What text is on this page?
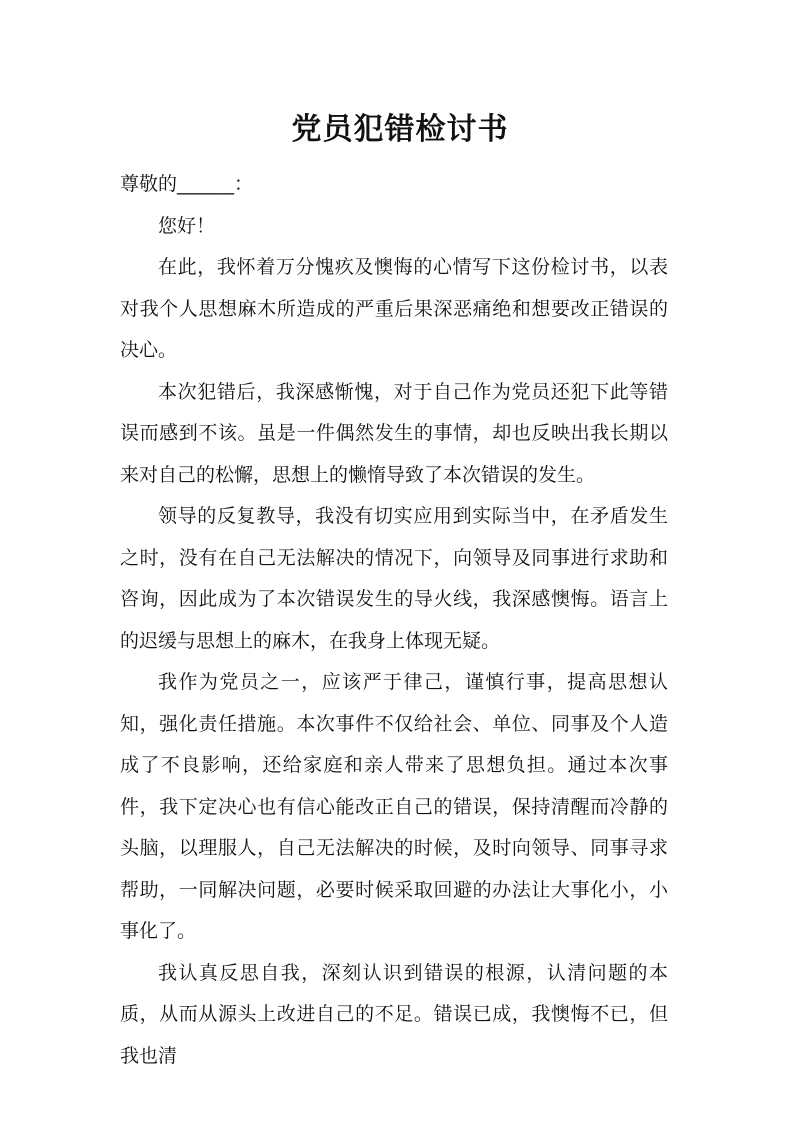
党员犯错检讨书

尊敬的______：

您好！

在此，我怀着万分愧疚及懊悔的心情写下这份检讨书，以表对我个人思想麻木所造成的严重后果深恶痛绝和想要改正错误的决心。

本次犯错后，我深感惭愧，对于自己作为党员还犯下此等错误而感到不该。虽是一件偶然发生的事情，却也反映出我长期以来对自己的松懈，思想上的懒惰导致了本次错误的发生。

领导的反复教导，我没有切实应用到实际当中，在矛盾发生之时，没有在自己无法解决的情况下，向领导及同事进行求助和咨询，因此成为了本次错误发生的导火线，我深感懊悔。语言上的迟缓与思想上的麻木，在我身上体现无疑。

我作为党员之一，应该严于律己，谨慎行事，提高思想认知，强化责任措施。本次事件不仅给社会、单位、同事及个人造成了不良影响，还给家庭和亲人带来了思想负担。通过本次事件，我下定决心也有信心能改正自己的错误，保持清醒而冷静的头脑，以理服人，自己无法解决的时候，及时向领导、同事寻求帮助，一同解决问题，必要时候采取回避的办法让大事化小，小事化了。

我认真反思自我，深刻认识到错误的根源，认清问题的本质，从而从源头上改进自己的不足。错误已成，我懊悔不已，但我也清
